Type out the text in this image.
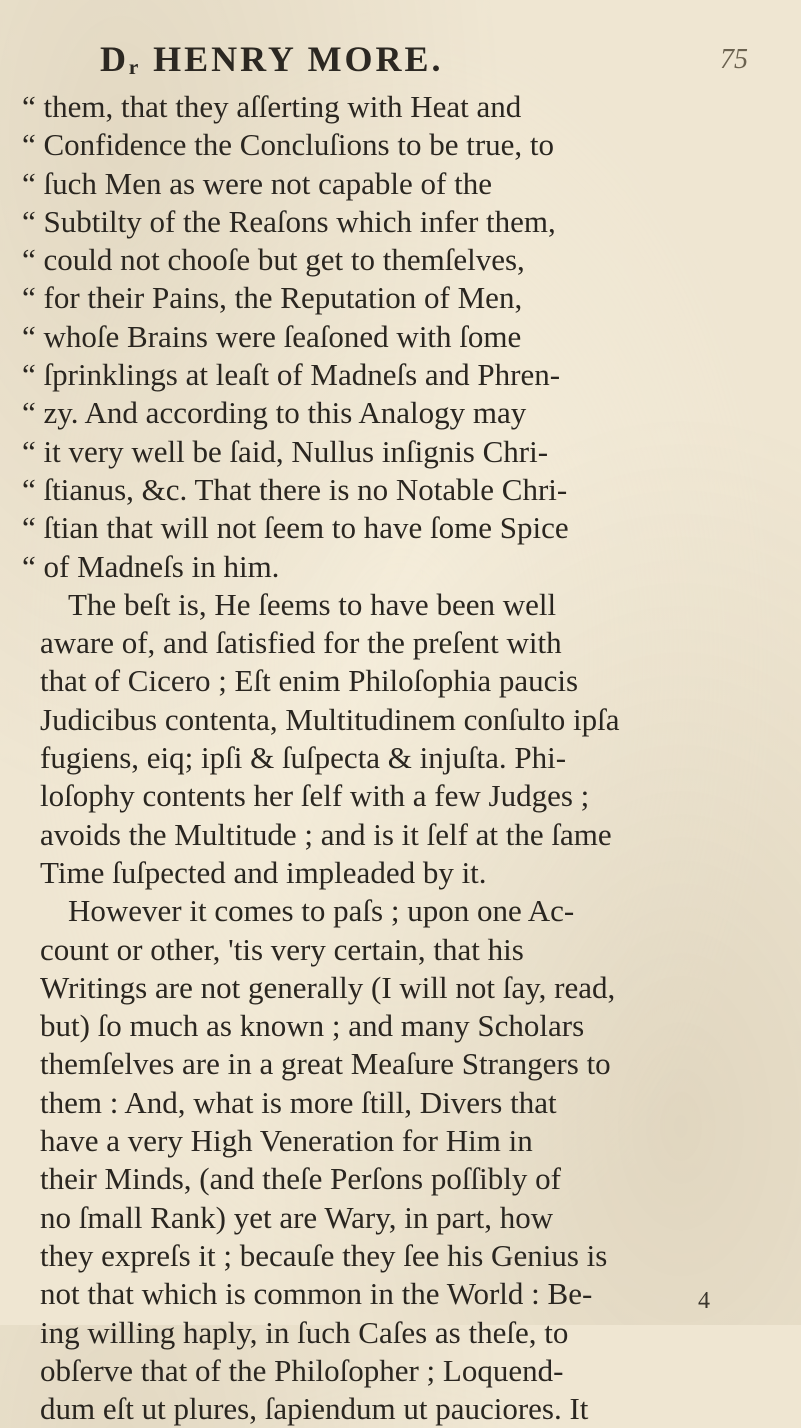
Dᵣ HENRY MORE.	75
“ them, that they aſſerting with Heat and
“ Confidence the Concluſions to be true, to
“ ſuch Men as were not capable of the
“ Subtilty of the Reaſons which infer them,
“ could not chooſe but get to themſelves,
“ for their Pains, the Reputation of Men,
“ whoſe Brains were ſeaſoned with ſome
“ ſprinklings at leaſt of Madneſs and Phren-
“ zy. And according to this Analogy may
“ it very well be ſaid, Nullus inſignis Chri-
“ ſtianus, &c. That there is no Notable Chri-
“ ſtian that will not ſeem to have ſome Spice
“ of Madneſs in him.
The beſt is, He ſeems to have been well
aware of, and ſatisfied for the preſent with
that of Cicero ; Eſt enim Philoſophia paucis
Judicibus contenta, Multitudinem conſulto ipſa
fugiens, eiq; ipſi & ſuſpecta & injuſta. Phi-
loſophy contents her ſelf with a few Judges ;
avoids the Multitude ; and is it ſelf at the ſame
Time ſuſpected and impleaded by it.
However it comes to paſs ; upon one Ac-
count or other, 'tis very certain, that his
Writings are not generally (I will not ſay, read,
but) ſo much as known ; and many Scholars
themſelves are in a great Meaſure Strangers to
them : And, what is more ſtill, Divers that
have a very High Veneration for Him in
their Minds, (and theſe Perſons poſſibly of
no ſmall Rank) yet are Wary, in part, how
they expreſs it ; becauſe they ſee his Genius is
not that which is common in the World : Be-
ing willing haply, in ſuch Caſes as theſe, to
obſerve that of the Philoſopher ; Loquend-
dum eſt ut plures, ſapiendum ut pauciores. It
4
